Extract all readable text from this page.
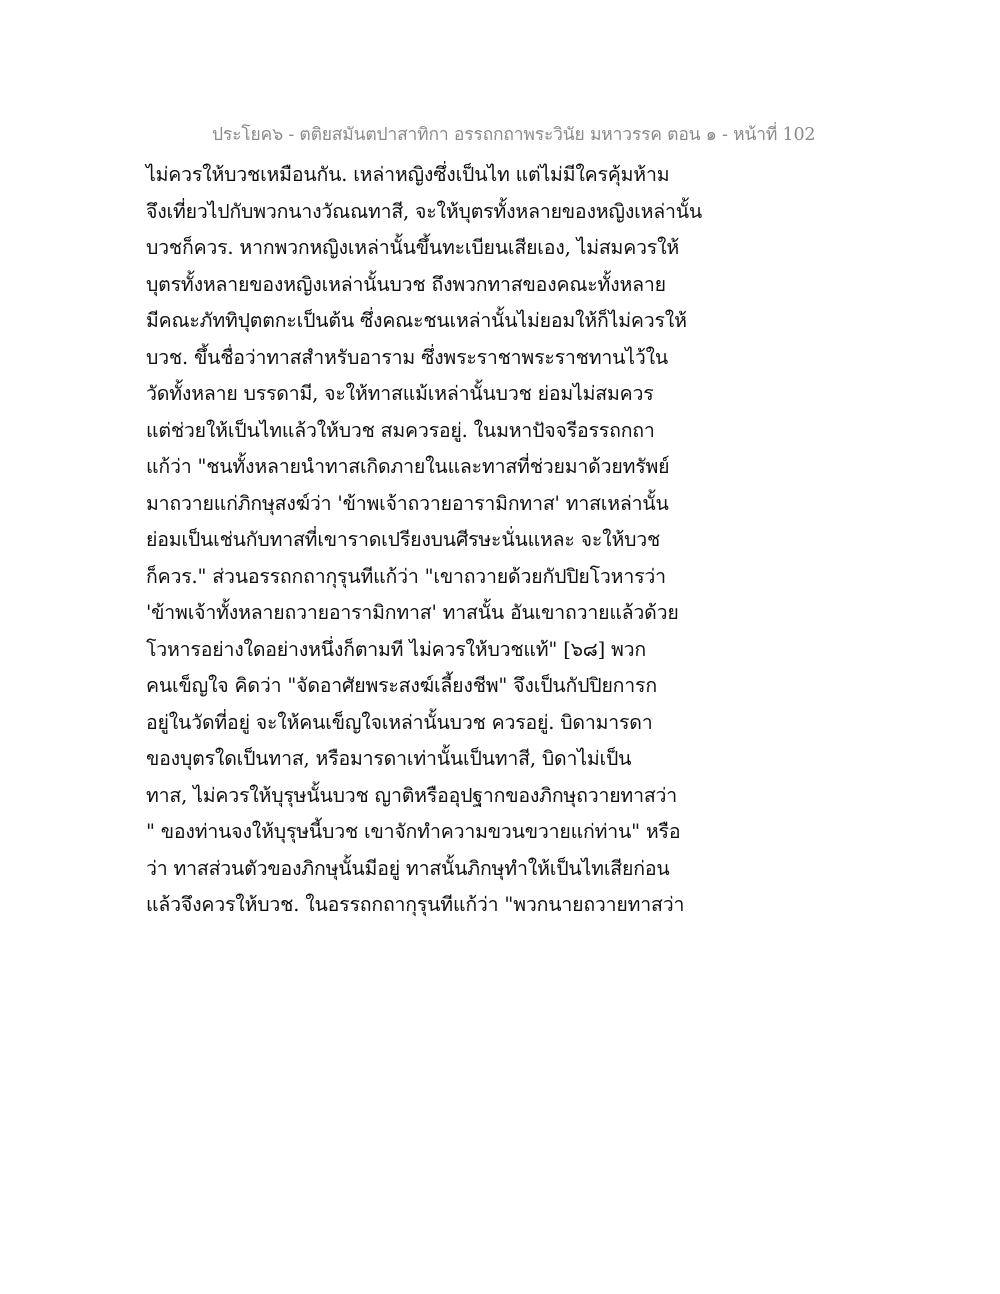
ประโยค๖ - ตติยสมันตปาสาทิกา อรรถกถาพระวินัย มหาวรรค ตอน ๑ - หน้าที่ 102
ไม่ควรให้บวชเหมือนกัน. เหล่าหญิงซึ่งเป็นไท แต่ไม่มีใครคุ้มห้าม
จึงเที่ยวไปกับพวกนางวัณณทาสี, จะให้บุตรทั้งหลายของหญิงเหล่านั้น
บวชก็ควร. หากพวกหญิงเหล่านั้นขึ้นทะเบียนเสียเอง, ไม่สมควรให้
บุตรทั้งหลายของหญิงเหล่านั้นบวช ถึงพวกทาสของคณะทั้งหลาย
มีคณะภัททิปุตตกะเป็นต้น ซึ่งคณะชนเหล่านั้นไม่ยอมให้ก็ไม่ควรให้
บวช. ขึ้นชื่อว่าทาสสำหรับอาราม ซึ่งพระราชาพระราชทานไว้ใน
วัดทั้งหลาย บรรดามี, จะให้ทาสแม้เหล่านั้นบวช ย่อมไม่สมควร
แต่ช่วยให้เป็นไทแล้วให้บวช สมควรอยู่. ในมหาปัจจรีอรรถกถา
แก้ว่า "ชนทั้งหลายนำทาสเกิดภายในและทาสที่ช่วยมาด้วยทรัพย์
มาถวายแก่ภิกษุสงฆ์ว่า 'ข้าพเจ้าถวายอารามิกทาส' ทาสเหล่านั้น
ย่อมเป็นเช่นกับทาสที่เขาราดเปรียงบนศีรษะนั่นแหละ จะให้บวช
ก็ควร." ส่วนอรรถกถากุรุนทีแก้ว่า "เขาถวายด้วยกัปปิยโวหารว่า
'ข้าพเจ้าทั้งหลายถวายอารามิกทาส' ทาสนั้น อันเขาถวายแล้วด้วย
โวหารอย่างใดอย่างหนึ่งก็ตามที ไม่ควรให้บวชแท้" [๖๘] พวก
คนเข็ญใจ คิดว่า "จัดอาศัยพระสงฆ์เลี้ยงชีพ" จึงเป็นกัปปิยการก
อยู่ในวัดที่อยู่ จะให้คนเข็ญใจเหล่านั้นบวช ควรอยู่. บิดามารดา
ของบุตรใดเป็นทาส, หรือมารดาเท่านั้นเป็นทาสี, บิดาไม่เป็น
ทาส, ไม่ควรให้บุรุษนั้นบวช ญาติหรืออุปฐากของภิกษุถวายทาสว่า
" ของท่านจงให้บุรุษนี้บวช เขาจักทำความขวนขวายแก่ท่าน" หรือ
ว่า ทาสส่วนตัวของภิกษุนั้นมีอยู่ ทาสนั้นภิกษุทำให้เป็นไทเสียก่อน
แล้วจึงควรให้บวช. ในอรรถกถากุรุนทีแก้ว่า "พวกนายถวายทาสว่า
